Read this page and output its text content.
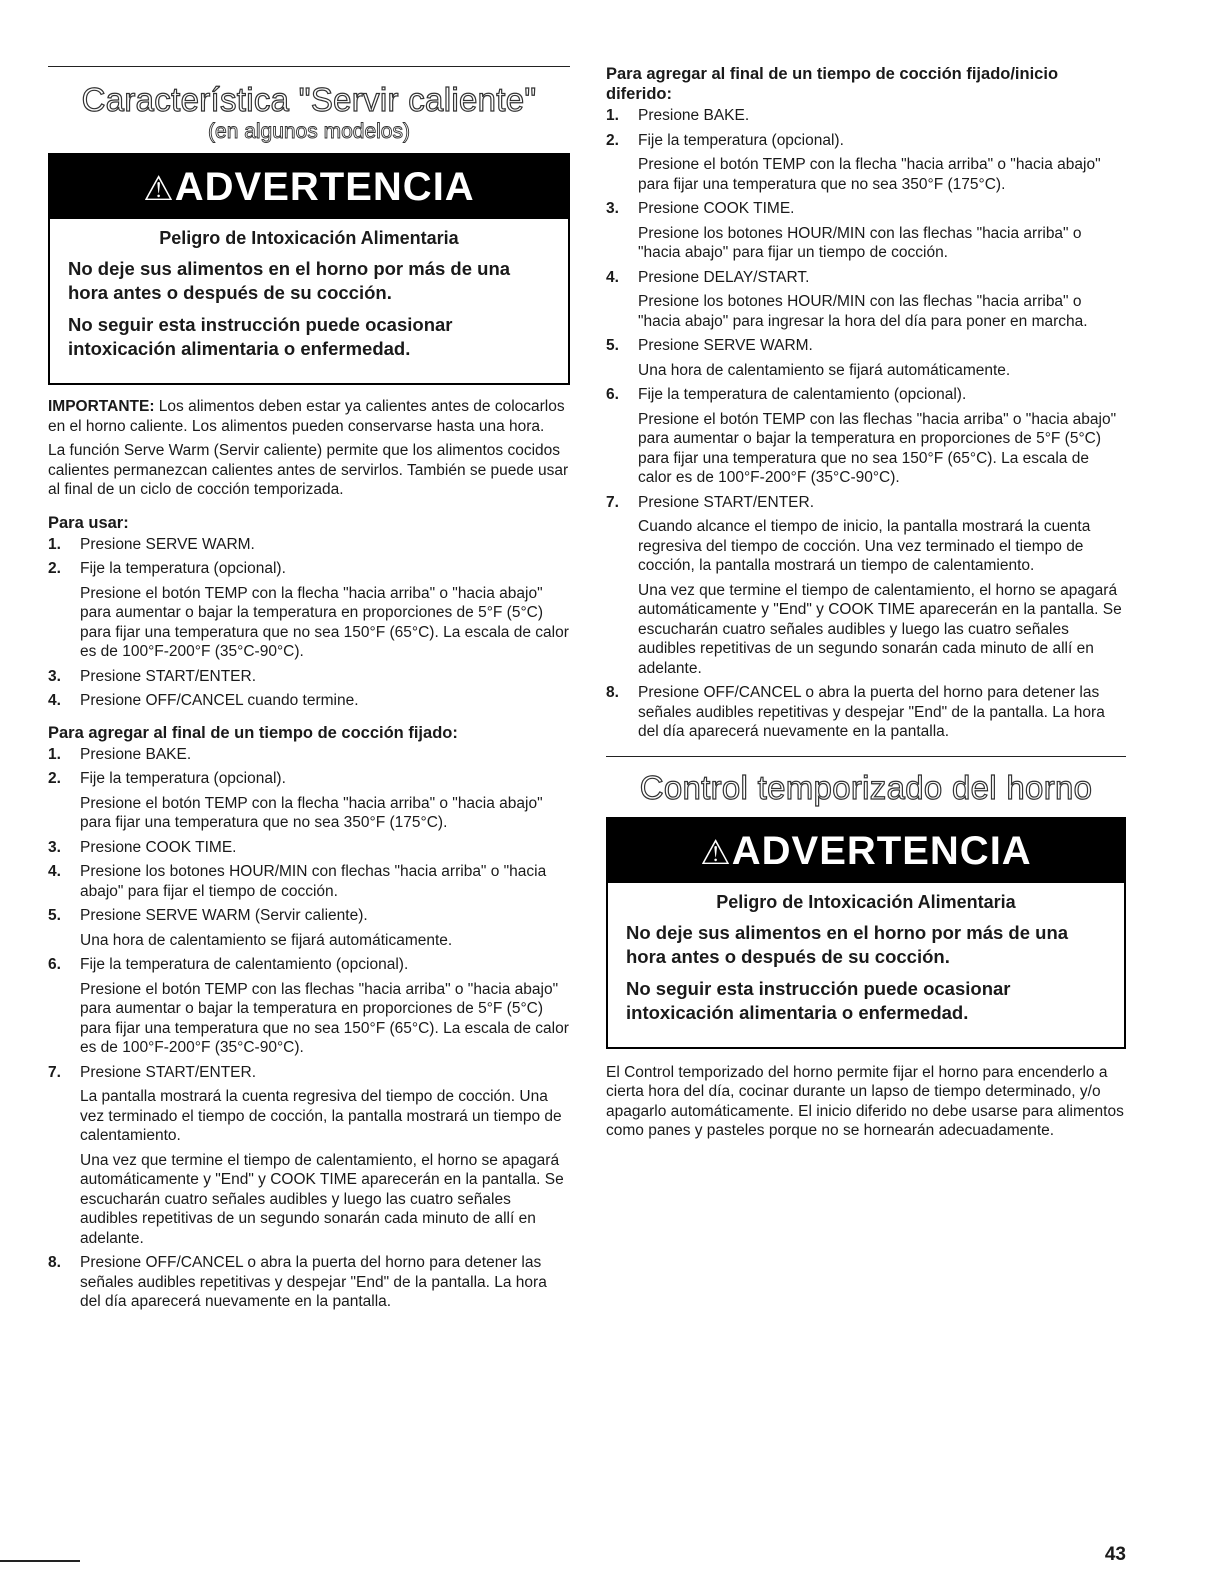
Característica "Servir caliente"
(en algunos modelos)
⚠ADVERTENCIA

Peligro de Intoxicación Alimentaria

No deje sus alimentos en el horno por más de una hora antes o después de su cocción.

No seguir esta instrucción puede ocasionar intoxicación alimentaria o enfermedad.

IMPORTANTE: Los alimentos deben estar ya calientes antes de colocarlos en el horno caliente. Los alimentos pueden conservarse hasta una hora.

La función Serve Warm (Servir caliente) permite que los alimentos cocidos calientes permanezcan calientes antes de servirlos. También se puede usar al final de un ciclo de cocción temporizada.

Para usar:

1. Presione SERVE WARM.

2. Fije la temperatura (opcional).

Presione el botón TEMP con la flecha "hacia arriba" o "hacia abajo" para aumentar o bajar la temperatura en proporciones de 5°F (5°C) para fijar una temperatura que no sea 150°F (65°C). La escala de calor es de 100°F-200°F (35°C-90°C).

3. Presione START/ENTER.

4. Presione OFF/CANCEL cuando termine.

Para agregar al final de un tiempo de cocción fijado:

1. Presione BAKE.

2. Fije la temperatura (opcional).

Presione el botón TEMP con la flecha "hacia arriba" o "hacia abajo" para fijar una temperatura que no sea 350°F (175°C).

3. Presione COOK TIME.

4. Presione los botones HOUR/MIN con flechas "hacia arriba" o "hacia abajo" para fijar el tiempo de cocción.

5. Presione SERVE WARM (Servir caliente).

Una hora de calentamiento se fijará automáticamente.

6. Fije la temperatura de calentamiento (opcional).

Presione el botón TEMP con las flechas "hacia arriba" o "hacia abajo" para aumentar o bajar la temperatura en proporciones de 5°F (5°C) para fijar una temperatura que no sea 150°F (65°C). La escala de calor es de 100°F-200°F (35°C-90°C).

7. Presione START/ENTER.

La pantalla mostrará la cuenta regresiva del tiempo de cocción. Una vez terminado el tiempo de cocción, la pantalla mostrará un tiempo de calentamiento.

Una vez que termine el tiempo de calentamiento, el horno se apagará automáticamente y "End" y COOK TIME aparecerán en la pantalla. Se escucharán cuatro señales audibles y luego las cuatro señales audibles repetitivas de un segundo sonarán cada minuto de allí en adelante.

8. Presione OFF/CANCEL o abra la puerta del horno para detener las señales audibles repetitivas y despejar "End" de la pantalla. La hora del día aparecerá nuevamente en la pantalla.

Para agregar al final de un tiempo de cocción fijado/inicio diferido:

1. Presione BAKE.

2. Fije la temperatura (opcional).

Presione el botón TEMP con la flecha "hacia arriba" o "hacia abajo" para fijar una temperatura que no sea 350°F (175°C).

3. Presione COOK TIME.

Presione los botones HOUR/MIN con las flechas "hacia arriba" o "hacia abajo" para fijar un tiempo de cocción.

4. Presione DELAY/START.

Presione los botones HOUR/MIN con las flechas "hacia arriba" o "hacia abajo" para ingresar la hora del día para poner en marcha.

5. Presione SERVE WARM.

Una hora de calentamiento se fijará automáticamente.

6. Fije la temperatura de calentamiento (opcional).

Presione el botón TEMP con las flechas "hacia arriba" o "hacia abajo" para aumentar o bajar la temperatura en proporciones de 5°F (5°C) para fijar una temperatura que no sea 150°F (65°C). La escala de calor es de 100°F-200°F (35°C-90°C).

7. Presione START/ENTER.

Cuando alcance el tiempo de inicio, la pantalla mostrará la cuenta regresiva del tiempo de cocción. Una vez terminado el tiempo de cocción, la pantalla mostrará un tiempo de calentamiento.

Una vez que termine el tiempo de calentamiento, el horno se apagará automáticamente y "End" y COOK TIME aparecerán en la pantalla. Se escucharán cuatro señales audibles y luego las cuatro señales audibles repetitivas de un segundo sonarán cada minuto de allí en adelante.

8. Presione OFF/CANCEL o abra la puerta del horno para detener las señales audibles repetitivas y despejar "End" de la pantalla. La hora del día aparecerá nuevamente en la pantalla.

Control temporizado del horno
⚠ADVERTENCIA

Peligro de Intoxicación Alimentaria

No deje sus alimentos en el horno por más de una hora antes o después de su cocción.

No seguir esta instrucción puede ocasionar intoxicación alimentaria o enfermedad.

El Control temporizado del horno permite fijar el horno para encenderlo a cierta hora del día, cocinar durante un lapso de tiempo determinado, y/o apagarlo automáticamente. El inicio diferido no debe usarse para alimentos como panes y pasteles porque no se hornearán adecuadamente.

43
